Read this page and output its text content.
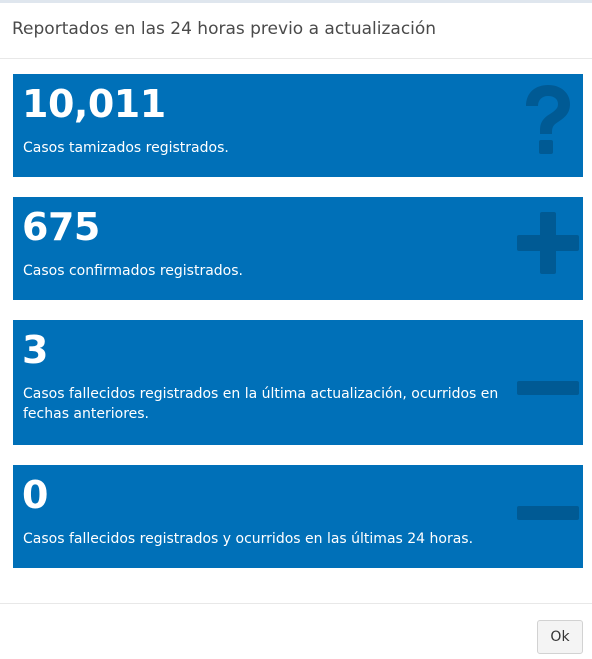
Reportados en las 24 horas previo a actualización
10,011
Casos tamizados registrados.
675
Casos confirmados registrados.
3
Casos fallecidos registrados en la última actualización, ocurridos en fechas anteriores.
0
Casos fallecidos registrados y ocurridos en las últimas 24 horas.
Ok
